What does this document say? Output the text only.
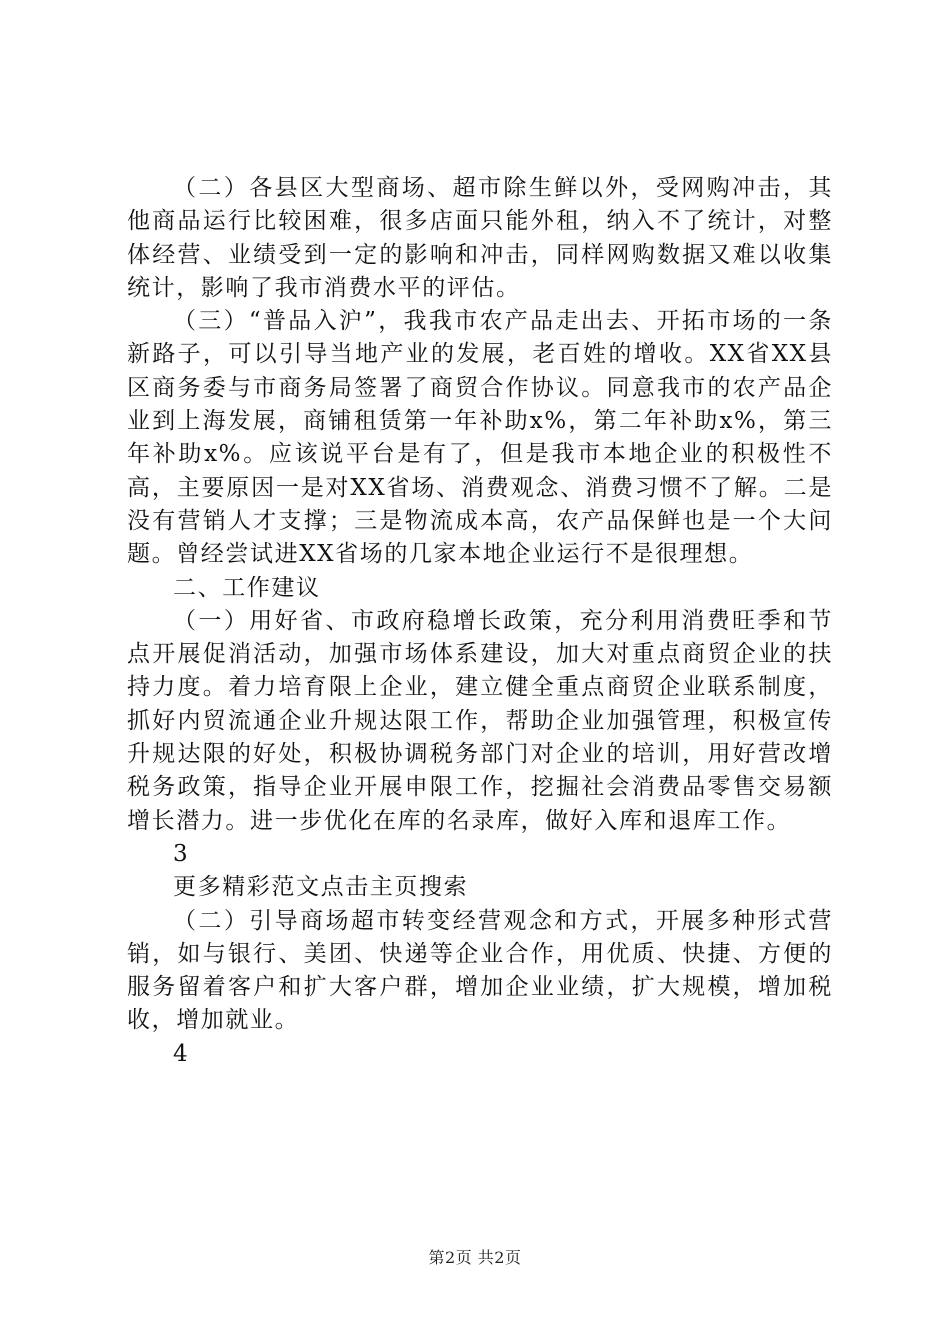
（二）各县区大型商场、超市除生鲜以外，受网购冲击，其他商品运行比较困难，很多店面只能外租，纳入不了统计，对整体经营、业绩受到一定的影响和冲击，同样网购数据又难以收集统计，影响了我市消费水平的评估。

（三）“普品入沪”，我我市农产品走出去、开拓市场的一条新路子，可以引导当地产业的发展，老百姓的增收。XX省XX县区商务委与市商务局签署了商贸合作协议。同意我市的农产品企业到上海发展，商铺租赁第一年补助x%，第二年补助x%，第三年补助x%。应该说平台是有了，但是我市本地企业的积极性不高，主要原因一是对XX省场、消费观念、消费习惯不了解。二是没有营销人才支撑；三是物流成本高，农产品保鲜也是一个大问题。曾经尝试进XX省场的几家本地企业运行不是很理想。

二、工作建议

（一）用好省、市政府稳增长政策，充分利用消费旺季和节点开展促消活动，加强市场体系建设，加大对重点商贸企业的扶持力度。着力培育限上企业，建立健全重点商贸企业联系制度，抓好内贸流通企业升规达限工作，帮助企业加强管理，积极宣传升规达限的好处，积极协调税务部门对企业的培训，用好营改增税务政策，指导企业开展申限工作，挖掘社会消费品零售交易额增长潜力。进一步优化在库的名录库，做好入库和退库工作。

3

更多精彩范文点击主页搜索

（二）引导商场超市转变经营观念和方式，开展多种形式营销，如与银行、美团、快递等企业合作，用优质、快捷、方便的服务留着客户和扩大客户群，增加企业业绩，扩大规模，增加税收，增加就业。

4

第2页 共2页
